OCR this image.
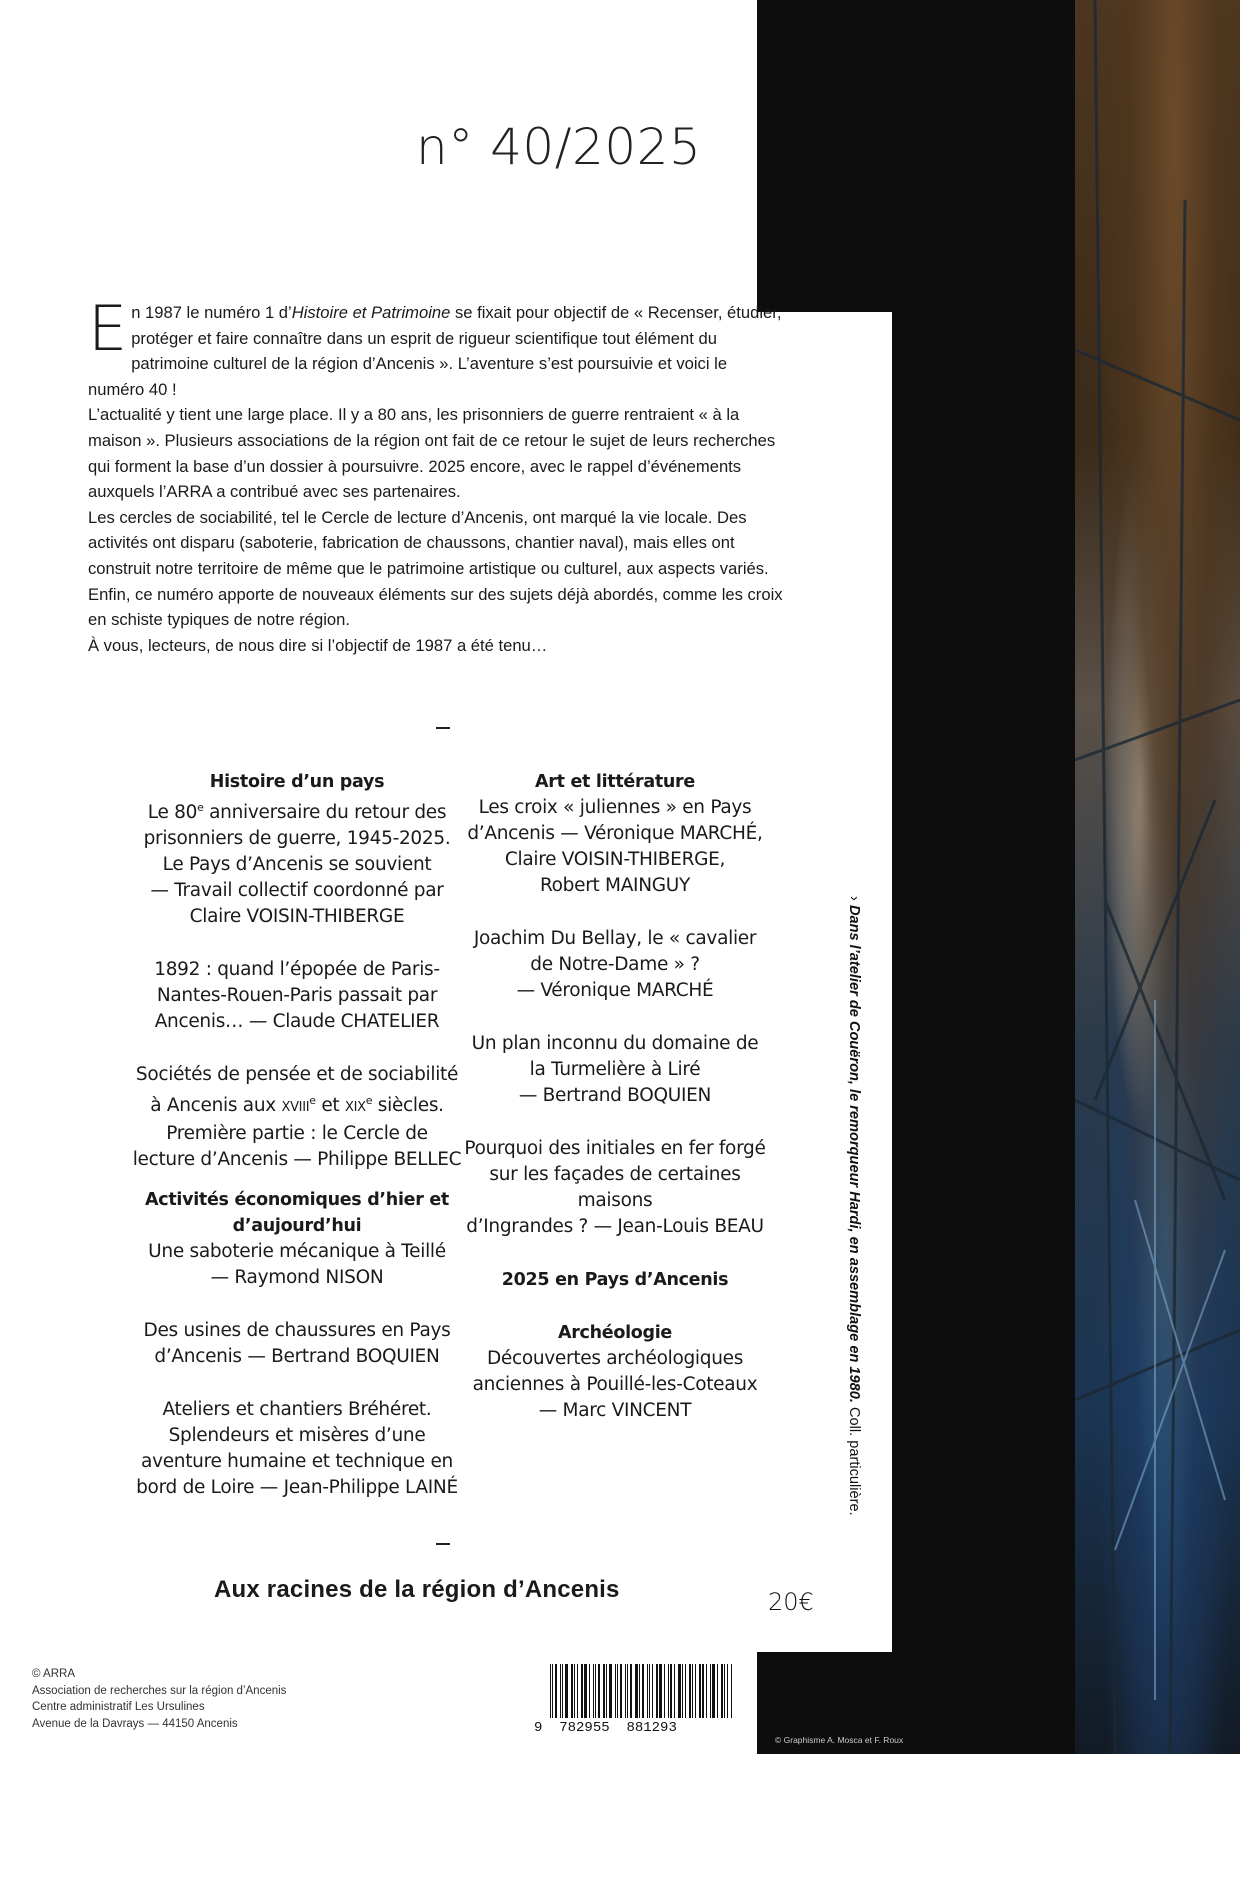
n° 40/2025
E n 1987 le numéro 1 d’Histoire et Patrimoine se fixait pour objectif de « Recenser, étudier, protéger et faire connaître dans un esprit de rigueur scientifique tout élément du patrimoine culturel de la région d’Ancenis ». L’aventure s’est poursuivie et voici le numéro 40 !

L’actualité y tient une large place. Il y a 80 ans, les prisonniers de guerre rentraient « à la maison ». Plusieurs associations de la région ont fait de ce retour le sujet de leurs recherches qui forment la base d’un dossier à poursuivre. 2025 encore, avec le rappel d’événements auxquels l’ARRA a contribué avec ses partenaires.

Les cercles de sociabilité, tel le Cercle de lecture d’Ancenis, ont marqué la vie locale. Des activités ont disparu (saboterie, fabrication de chaussons, chantier naval), mais elles ont construit notre territoire de même que le patrimoine artistique ou culturel, aux aspects variés. Enfin, ce numéro apporte de nouveaux éléments sur des sujets déjà abordés, comme les croix en schiste typiques de notre région.

À vous, lecteurs, de nous dire si l’objectif de 1987 a été tenu…

Histoire d’un pays
Le 80e anniversaire du retour des
prisonniers de guerre, 1945-2025.
Le Pays d’Ancenis se souvient
— Travail collectif coordonné par
Claire VOISIN-THIBERGE
1892 : quand l’épopée de Paris-
Nantes-Rouen-Paris passait par
Ancenis… — Claude CHATELIER
Sociétés de pensée et de sociabilité
à Ancenis aux XVIIIe et XIXe siècles.
Première partie : le Cercle de
lecture d’Ancenis — Philippe BELLEC
Activités économiques d’hier et
d’aujourd’hui
Une saboterie mécanique à Teillé
— Raymond NISON
Des usines de chaussures en Pays
d’Ancenis — Bertrand BOQUIEN
Ateliers et chantiers Bréhéret.
Splendeurs et misères d’une
aventure humaine et technique en
bord de Loire — Jean-Philippe LAINÉ
Art et littérature
Les croix « juliennes » en Pays
d’Ancenis — Véronique MARCHÉ,
Claire VOISIN-THIBERGE,
Robert MAINGUY
Joachim Du Bellay, le « cavalier
de Notre-Dame » ?
— Véronique MARCHÉ
Un plan inconnu du domaine de
la Turmelière à Liré
— Bertrand BOQUIEN
Pourquoi des initiales en fer forgé
sur les façades de certaines maisons
d’Ingrandes ? — Jean-Louis BEAU
2025 en Pays d’Ancenis
Archéologie
Découvertes archéologiques
anciennes à Pouillé-les-Coteaux
— Marc VINCENT
Aux racines de la région d’Ancenis	20€
© ARRA
Association de recherches sur la région d’Ancenis
Centre administratif Les Ursulines
Avenue de la Davrays — 44150 Ancenis	9 782955 881293
› Dans l’atelier de Couëron, le remorqueur Hardi, en assemblage en 1980. Coll. particulière.
© Graphisme A. Mosca et F. Roux
